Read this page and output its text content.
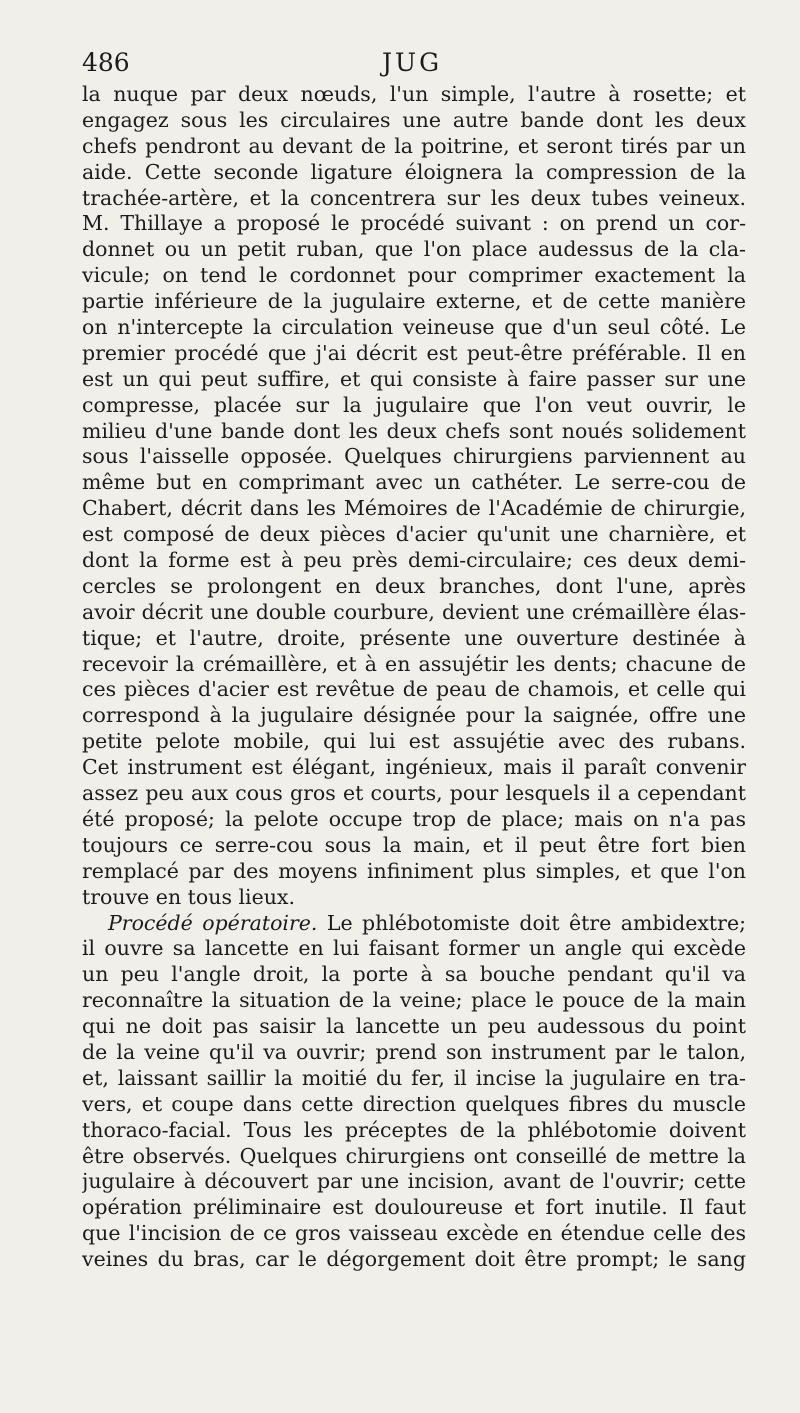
486	JUG
la nuque par deux nœuds, l'un simple, l'autre à rosette; et
engagez sous les circulaires une autre bande dont les deux
chefs pendront au devant de la poitrine, et seront tirés par un
aide. Cette seconde ligature éloignera la compression de la
trachée-artère, et la concentrera sur les deux tubes veineux.
M. Thillaye a proposé le procédé suivant : on prend un cor-
donnet ou un petit ruban, que l'on place audessus de la cla-
vicule; on tend le cordonnet pour comprimer exactement la
partie inférieure de la jugulaire externe, et de cette manière
on n'intercepte la circulation veineuse que d'un seul côté. Le
premier procédé que j'ai décrit est peut-être préférable. Il en
est un qui peut suffire, et qui consiste à faire passer sur une
compresse, placée sur la jugulaire que l'on veut ouvrir, le
milieu d'une bande dont les deux chefs sont noués solidement
sous l'aisselle opposée. Quelques chirurgiens parviennent au
même but en comprimant avec un cathéter. Le serre-cou de
Chabert, décrit dans les Mémoires de l'Académie de chirurgie,
est composé de deux pièces d'acier qu'unit une charnière, et
dont la forme est à peu près demi-circulaire; ces deux demi-
cercles se prolongent en deux branches, dont l'une, après
avoir décrit une double courbure, devient une crémaillère élas-
tique; et l'autre, droite, présente une ouverture destinée à
recevoir la crémaillère, et à en assujétir les dents; chacune de
ces pièces d'acier est revêtue de peau de chamois, et celle qui
correspond à la jugulaire désignée pour la saignée, offre une
petite pelote mobile, qui lui est assujétie avec des rubans.
Cet instrument est élégant, ingénieux, mais il paraît convenir
assez peu aux cous gros et courts, pour lesquels il a cependant
été proposé; la pelote occupe trop de place; mais on n'a pas
toujours ce serre-cou sous la main, et il peut être fort bien
remplacé par des moyens infiniment plus simples, et que l'on
trouve en tous lieux.
Procédé opératoire. Le phlébotomiste doit être ambidextre;
il ouvre sa lancette en lui faisant former un angle qui excède
un peu l'angle droit, la porte à sa bouche pendant qu'il va
reconnaître la situation de la veine; place le pouce de la main
qui ne doit pas saisir la lancette un peu audessous du point
de la veine qu'il va ouvrir; prend son instrument par le talon,
et, laissant saillir la moitié du fer, il incise la jugulaire en tra-
vers, et coupe dans cette direction quelques fibres du muscle
thoraco-facial. Tous les préceptes de la phlébotomie doivent
être observés. Quelques chirurgiens ont conseillé de mettre la
jugulaire à découvert par une incision, avant de l'ouvrir; cette
opération préliminaire est douloureuse et fort inutile. Il faut
que l'incision de ce gros vaisseau excède en étendue celle des
veines du bras, car le dégorgement doit être prompt; le sang
